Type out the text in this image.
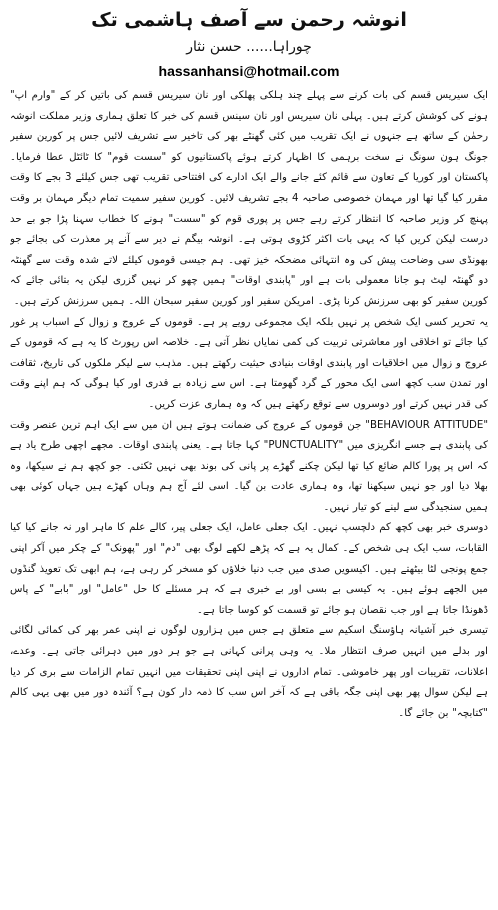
انوشہ رحمن سے آصف ہاشمی تک
چوراہا...... حسن نثار
hassanhansi@hotmail.com

ایک سیریس قسم کی بات کرنے سے پہلے چند ہلکی پھلکی اور نان سیریس قسم کی باتیں کر کے "وارم اپ" ہونے کی کوشش کرتے ہیں۔ پہلی نان سیریس اور نان سینس قسم کی خبر کا تعلق ہماری وزیر مملکت انوشہ رحمٰن کے ساتھ ہے جنہوں نے ایک تقریب میں کئی گھنٹے بھر کی تاخیر سے تشریف لائیں جس پر کورین سفیر جونگ ہون سونگ نے سخت برہمی کا اظہار کرتے ہوئے پاکستانیوں کو "سست قوم" کا ٹائٹل عطا فرمایا۔ پاکستان اور کوریا کے تعاون سے قائم کئے جانے والے ایک ادارے کی افتتاحی تقریب تھی جس کیلئے 3 بجے کا وقت مقرر کیا گیا تھا اور مہمان خصوصی صاحبہ 4 بجے تشریف لائیں۔ کورین سفیر سمیت تمام دیگر مہمان بر وقت پہنچ کر وزیر صاحبہ کا انتظار کرتے رہے جس پر پوری قوم کو "سست" ہونے کا خطاب سہنا پڑا جو بے حد درست لیکن کریں کیا کہ یہی بات اکثر کڑوی ہوتی ہے۔ انوشہ بیگم نے دیر سے آنے پر معذرت کی بجائے جو بھونڈی سی وضاحت پیش کی وہ انتہائی مضحکہ خیز تھی۔ ہم جیسی قوموں کیلئے لاتے شدہ وقت سے گھنٹہ دو گھنٹہ لیٹ ہو جانا معمولی بات ہے اور "پابندی اوقات" ہمیں چھو کر نہیں گزری لیکن یہ بتائی جائے کہ کورین سفیر کو بھی سرزنش کرنا پڑی۔ امریکن سفیر اور کورین سفیر سبحان اللہ۔ ہمیں سرزنش کرتے ہیں۔

یہ تحریر کسی ایک شخص پر نہیں بلکہ ایک مجموعی رویے پر ہے۔ قوموں کے عروج و زوال کے اسباب پر غور کیا جائے تو اخلاقی اور معاشرتی تربیت کی کمی نمایاں نظر آتی ہے۔ خلاصہ اس رپورٹ کا یہ ہے کہ قوموں کے عروج و زوال میں اخلاقیات اور پابندی اوقات بنیادی حیثیت رکھتے ہیں۔ مذہب سے لیکر ملکوں کی تاریخ، ثقافت اور تمدن سب کچھ اسی ایک محور کے گرد گھومتا ہے۔ اس سے زیادہ بے قدری اور کیا ہوگی کہ ہم اپنے وقت کی قدر نہیں کرتے اور دوسروں سے توقع رکھتے ہیں کہ وہ ہماری عزت کریں۔

"BEHAVIOUR ATTITUDE" جن قوموں کے عروج کی ضمانت ہوتے ہیں ان میں سے ایک اہم ترین عنصر وقت کی پابندی ہے جسے انگریزی میں "PUNCTUALITY" کہا جاتا ہے۔ یعنی پابندی اوقات۔ مجھے اچھی طرح یاد ہے کہ اس پر پورا کالم ضائع کیا تھا لیکن چکنے گھڑے پر پانی کی بوند بھی نہیں ٹکتی۔ جو کچھ ہم نے سیکھا، وہ بھلا دیا اور جو نہیں سیکھنا تھا، وہ ہماری عادت بن گیا۔ اسی لئے آج ہم وہاں کھڑے ہیں جہاں کوئی بھی ہمیں سنجیدگی سے لینے کو تیار نہیں۔

دوسری خبر بھی کچھ کم دلچسپ نہیں۔ ایک جعلی عامل، ایک جعلی پیر، کالے علم کا ماہر اور نہ جانے کیا کیا القابات، سب ایک ہی شخص کے۔ کمال یہ ہے کہ پڑھے لکھے لوگ بھی "دم" اور "پھونک" کے چکر میں آکر اپنی جمع پونجی لٹا بیٹھتے ہیں۔ اکیسویں صدی میں جب دنیا خلاؤں کو مسخر کر رہی ہے، ہم ابھی تک تعویذ گنڈوں میں الجھے ہوئے ہیں۔ یہ کیسی بے بسی اور بے خبری ہے کہ ہر مسئلے کا حل "عامل" اور "بابے" کے پاس ڈھونڈا جاتا ہے اور جب نقصان ہو جائے تو قسمت کو کوسا جاتا ہے۔

تیسری خبر آشیانہ ہاؤسنگ اسکیم سے متعلق ہے جس میں ہزاروں لوگوں نے اپنی عمر بھر کی کمائی لگائی اور بدلے میں انہیں صرف انتظار ملا۔ یہ وہی پرانی کہانی ہے جو ہر دور میں دہرائی جاتی ہے۔ وعدے، اعلانات، تقریبات اور پھر خاموشی۔ تمام اداروں نے اپنی اپنی تحقیقات میں انہیں تمام الزامات سے بری کر دیا ہے لیکن سوال پھر بھی اپنی جگہ باقی ہے کہ آخر اس سب کا ذمہ دار کون ہے؟ آئندہ دور میں بھی یہی کالم "کتابچہ" بن جائے گا۔
